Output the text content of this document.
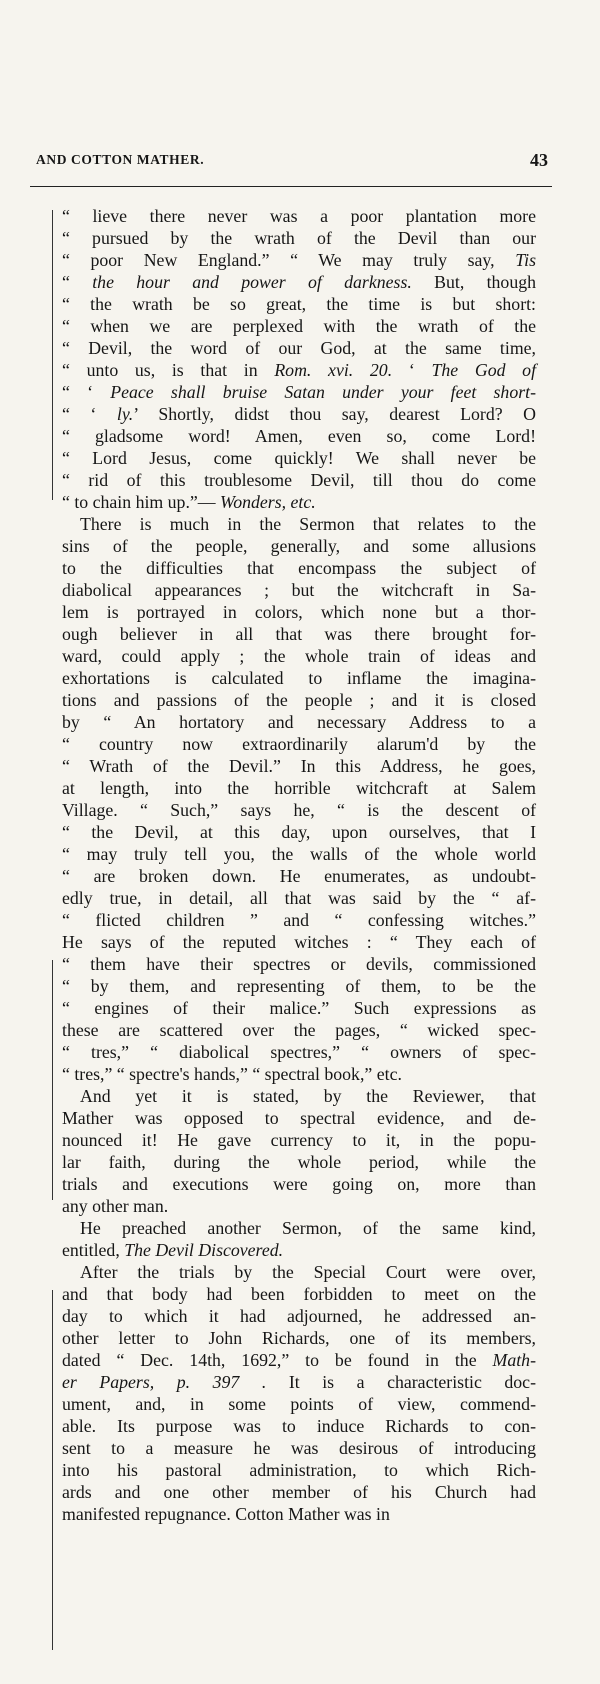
AND COTTON MATHER.	43
“ lieve there never was a poor plantation more
“ pursued by the wrath of the Devil than our
“ poor New England.” “ We may truly say, Tis
“ the hour and power of darkness. But, though
“ the wrath be so great, the time is but short:
“ when we are perplexed with the wrath of the
“ Devil, the word of our God, at the same time,
“ unto us, is that in Rom. xvi. 20. ‘ The God of
“ ‘ Peace shall bruise Satan under your feet short-
“ ‘ ly.’ Shortly, didst thou say, dearest Lord? O
“ gladsome word! Amen, even so, come Lord!
“ Lord Jesus, come quickly! We shall never be
“ rid of this troublesome Devil, till thou do come
“ to chain him up.”— Wonders, etc.
There is much in the Sermon that relates to the
sins of the people, generally, and some allusions
to the difficulties that encompass the subject of
diabolical appearances ; but the witchcraft in Sa-
lem is portrayed in colors, which none but a thor-
ough believer in all that was there brought for-
ward, could apply ; the whole train of ideas and
exhortations is calculated to inflame the imagina-
tions and passions of the people ; and it is closed
by “ An hortatory and necessary Address to a
“ country now extraordinarily alarum'd by the
“ Wrath of the Devil.” In this Address, he goes,
at length, into the horrible witchcraft at Salem
Village. “ Such,” says he, “ is the descent of
“ the Devil, at this day, upon ourselves, that I
“ may truly tell you, the walls of the whole world
“ are broken down. He enumerates, as undoubt-
edly true, in detail, all that was said by the “ af-
“ flicted children ” and “ confessing witches.”
He says of the reputed witches : “ They each of
“ them have their spectres or devils, commissioned
“ by them, and representing of them, to be the
“ engines of their malice.” Such expressions as
these are scattered over the pages, “ wicked spec-
“ tres,” “ diabolical spectres,” “ owners of spec-
“ tres,” “ spectre's hands,” “ spectral book,” etc.
And yet it is stated, by the Reviewer, that
Mather was opposed to spectral evidence, and de-
nounced it! He gave currency to it, in the popu-
lar faith, during the whole period, while the
trials and executions were going on, more than
any other man.
He preached another Sermon, of the same kind,
entitled, The Devil Discovered.
After the trials by the Special Court were over,
and that body had been forbidden to meet on the
day to which it had adjourned, he addressed an-
other letter to John Richards, one of its members,
dated “ Dec. 14th, 1692,” to be found in the Math-
er Papers, p. 397 . It is a characteristic doc-
ument, and, in some points of view, commend-
able. Its purpose was to induce Richards to con-
sent to a measure he was desirous of introducing
into his pastoral administration, to which Rich-
ards and one other member of his Church had
manifested repugnance. Cotton Mather was in
